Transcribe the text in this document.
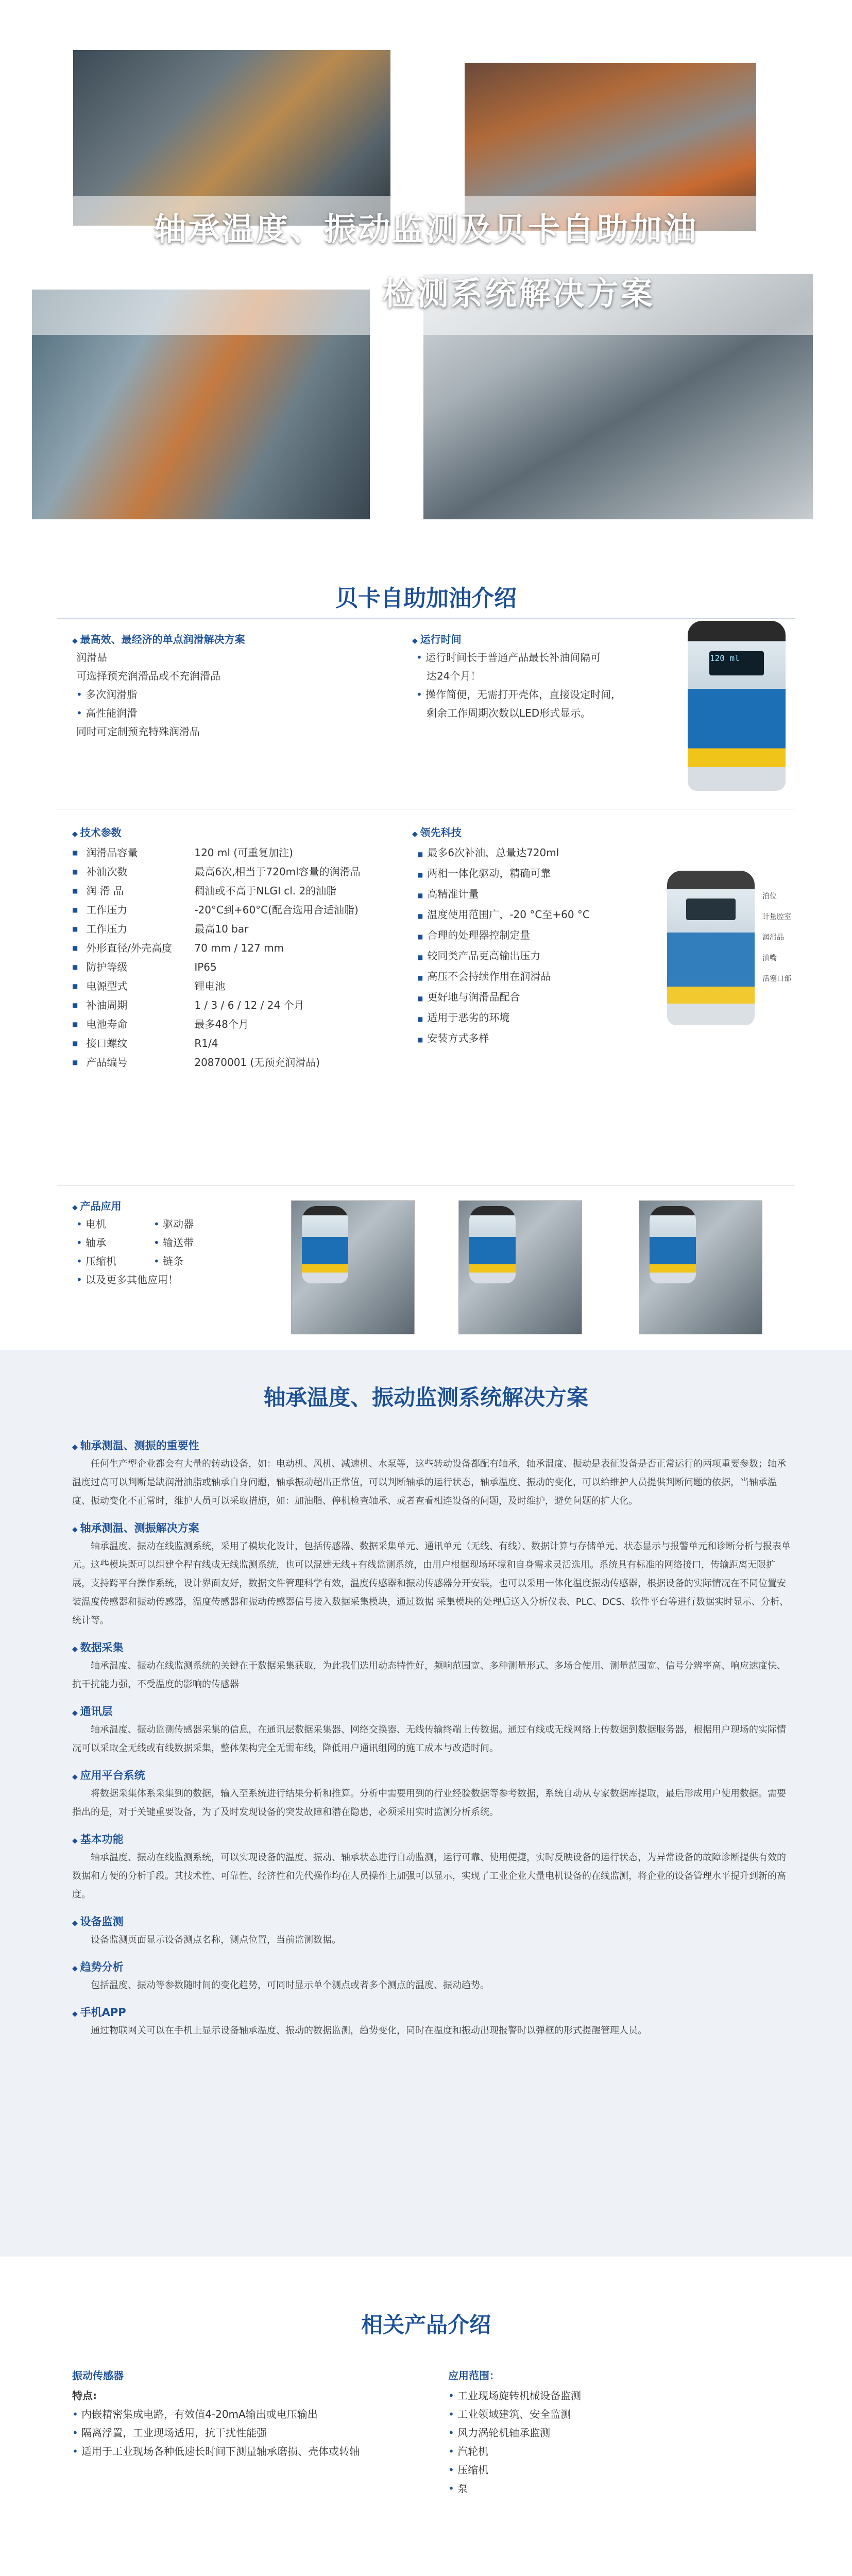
轴承温度、振动监测及贝卡自助加油
检测系统解决方案
贝卡自助加油介绍
◆ 最高效、最经济的单点润滑解决方案
润滑品
可选择预充润滑品或不充润滑品
• 多次润滑脂
• 高性能润滑
同时可定制预充特殊润滑品
◆ 运行时间
• 运行时间长于普通产品最长补油间隔可
达24个月！
• 操作简便，无需打开壳体，直接设定时间，
剩余工作周期次数以LED形式显示。
120 ml
◆ 技术参数
■ 润滑品容量	120 ml (可重复加注)
■ 补油次数	最高6次,相当于720ml容量的润滑品
■ 润 滑 品	稠油或不高于NLGI cl. 2的油脂
■ 工作压力	-20°C到+60°C(配合选用合适油脂)
■ 工作压力	最高10 bar
■ 外形直径/外壳高度	70 mm / 127 mm
■ 防护等级	IP65
■ 电源型式	锂电池
■ 补油周期	1 / 3 / 6 / 12 / 24 个月
■ 电池寿命	最多48个月
■ 接口螺纹	R1/4
■ 产品编号	20870001 (无预充润滑品)
◆ 领先科技
■ 最多6次补油，总量达720ml
■ 两相一体化驱动，精确可靠
■ 高精准计量
■ 温度使用范围广，-20 °C至+60 °C
■ 合理的处理器控制定量
■ 较同类产品更高输出压力
■ 高压不会持续作用在润滑品
■ 更好地与润滑品配合
■ 适用于恶劣的环境
■ 安装方式多样
泊位
计量腔室
润滑品
油嘴
活塞口部
◆ 产品应用
• 电机	• 驱动器
• 轴承	• 输送带
• 压缩机	• 链条
• 以及更多其他应用！
轴承温度、振动监测系统解决方案
◆ 轴承测温、测振的重要性
任何生产型企业都会有大量的转动设备，如：电动机、风机、减速机、水泵等，这些转动设备都配有轴承，轴承温度、振动是表征设备是否正常运行的两项重要参数；轴承温度过高可以判断是缺润滑油脂或轴承自身问题，轴承振动超出正常值，可以判断轴承的运行状态，轴承温度、振动的变化，可以给维护人员提供判断问题的依据，当轴承温度、振动变化不正常时，维护人员可以采取措施，如：加油脂、停机检查轴承、或者查看相连设备的问题，及时维护，避免问题的扩大化。
◆ 轴承测温、测振解决方案
轴承温度、振动在线监测系统，采用了模块化设计，包括传感器、数据采集单元、通讯单元（无线、有线）、数据计算与存储单元、状态显示与报警单元和诊断分析与报表单元。这些模块既可以组建全程有线或无线监测系统，也可以混建无线+有线监测系统，由用户根据现场环境和自身需求灵活选用。系统具有标准的网络接口，传输距离无限扩展，支持跨平台操作系统，设计界面友好，数据文件管理科学有效，温度传感器和振动传感器分开安装，也可以采用一体化温度振动传感器，根据设备的实际情况在不同位置安装温度传感器和振动传感器，温度传感器和振动传感器信号接入数据采集模块，通过数据 采集模块的处理后送入分析仪表、PLC、DCS、软件平台等进行数据实时显示、分析、统计等。
◆ 数据采集
轴承温度、振动在线监测系统的关键在于数据采集获取，为此我们选用动态特性好，频响范围宽、多种测量形式、多场合使用、测量范围宽、信号分辨率高、响应速度快、抗干扰能力强，不受温度的影响的传感器
◆ 通讯层
轴承温度、振动监测传感器采集的信息，在通讯层数据采集器、网络交换器、无线传输终端上传数据。通过有线或无线网络上传数据到数据服务器，根据用户现场的实际情况可以采取全无线或有线数据采集，整体架构完全无需布线，降低用户通讯组网的施工成本与改造时间。
◆ 应用平台系统
将数据采集体系采集到的数据，输入至系统进行结果分析和推算。分析中需要用到的行业经验数据等参考数据，系统自动从专家数据库提取，最后形成用户使用数据。需要指出的是，对于关键重要设备，为了及时发现设备的突发故障和潜在隐患，必须采用实时监测分析系统。
◆ 基本功能
轴承温度、振动在线监测系统，可以实现设备的温度、振动、轴承状态进行自动监测，运行可靠、使用便捷，实时反映设备的运行状态，为异常设备的故障诊断提供有效的数据和方便的分析手段。其技术性、可靠性、经济性和先代操作均在人员操作上加强可以显示，实现了工业企业大量电机设备的在线监测，将企业的设备管理水平提升到新的高度。
◆ 设备监测
设备监测页面显示设备测点名称，测点位置，当前监测数据。
◆ 趋势分析
包括温度、振动等参数随时间的变化趋势，可同时显示单个测点或者多个测点的温度、振动趋势。
◆ 手机APP
通过物联网关可以在手机上显示设备轴承温度、振动的数据监测，趋势变化，同时在温度和振动出现报警时以弹框的形式提醒管理人员。
相关产品介绍
振动传感器
特点:
• 内嵌精密集成电路，有效值4-20mA输出或电压输出
• 隔离浮置，工业现场适用，抗干扰性能强
• 适用于工业现场各种低速长时间下测量轴承磨损、壳体或转轴
应用范围：
• 工业现场旋转机械设备监测
• 工业领域建筑、安全监测
• 风力涡轮机轴承监测
• 汽轮机
• 压缩机
• 泵
